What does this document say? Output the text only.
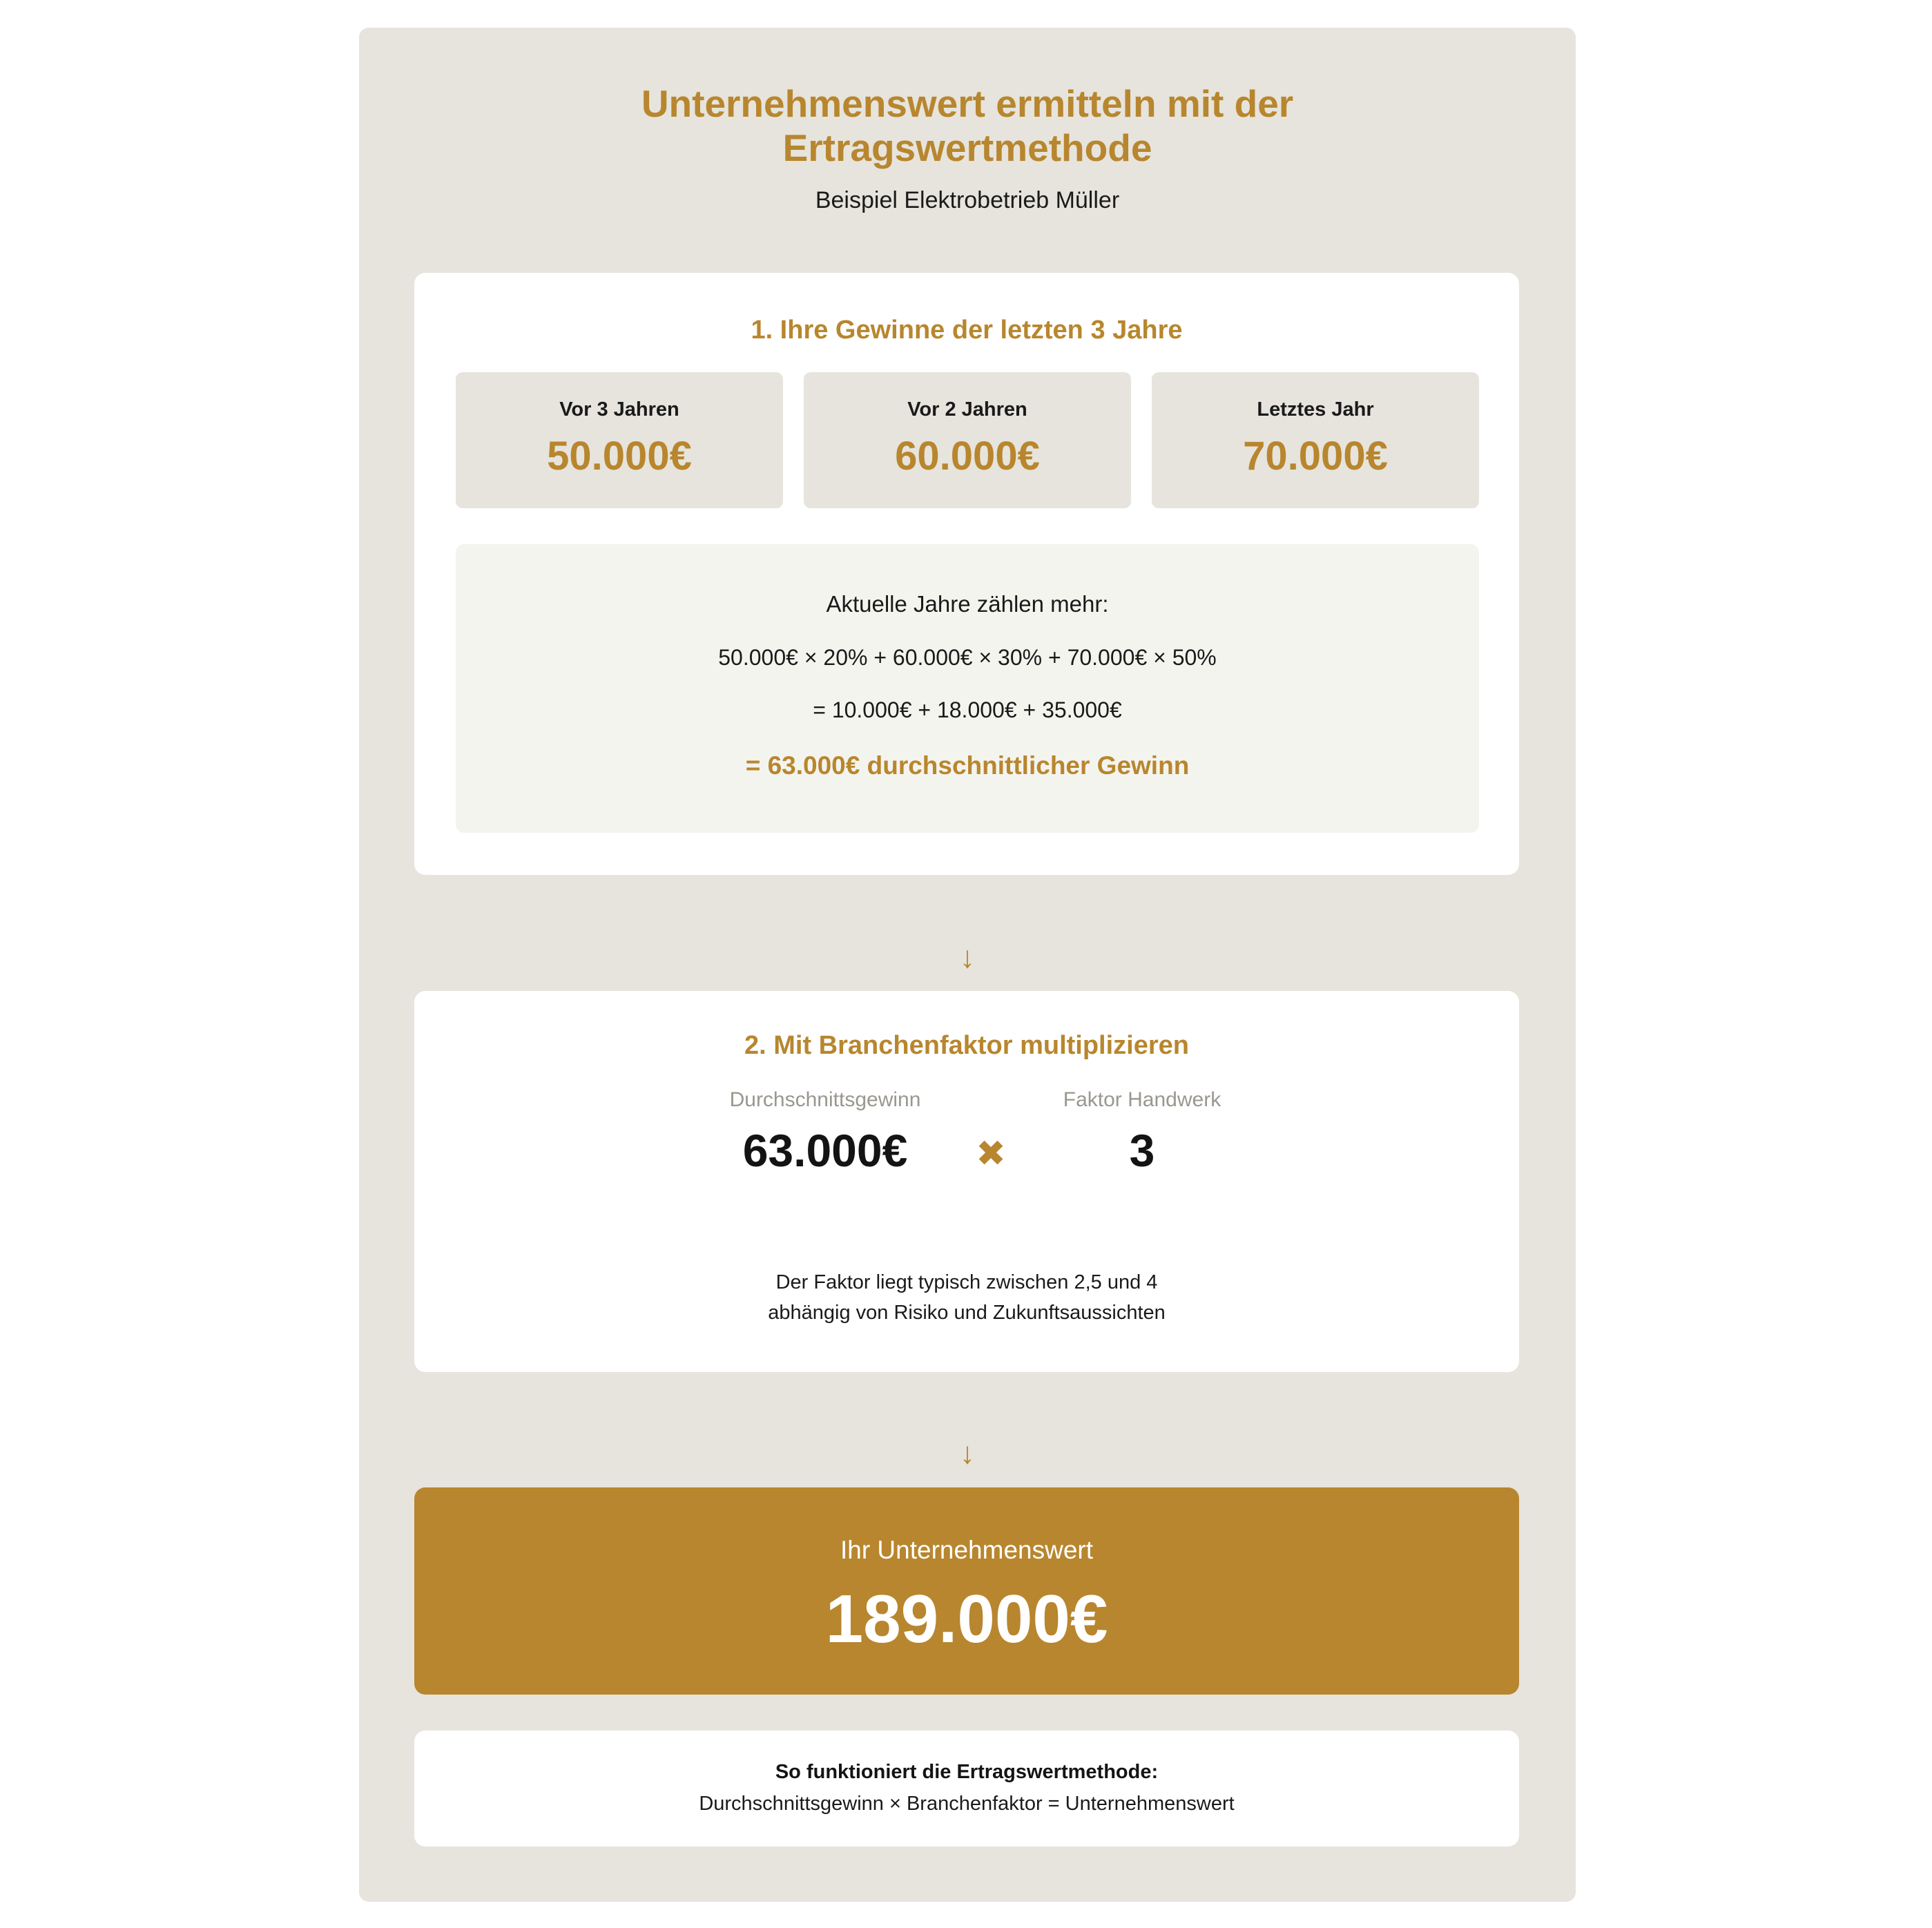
Unternehmenswert ermitteln mit der
Ertragswertmethode
Beispiel Elektrobetrieb Müller
1. Ihre Gewinne der letzten 3 Jahre
Vor 3 Jahren
50.000€
Vor 2 Jahren
60.000€
Letztes Jahr
70.000€
Aktuelle Jahre zählen mehr:
50.000€ × 20% + 60.000€ × 30% + 70.000€ × 50%
= 10.000€ + 18.000€ + 35.000€
= 63.000€ durchschnittlicher Gewinn
↓
2. Mit Branchenfaktor multiplizieren
Durchschnittsgewinn
63.000€	✖
Faktor Handwerk
3
Der Faktor liegt typisch zwischen 2,5 und 4
abhängig von Risiko und Zukunftsaussichten
↓
Ihr Unternehmenswert
189.000€
So funktioniert die Ertragswertmethode:
Durchschnittsgewinn × Branchenfaktor = Unternehmenswert
